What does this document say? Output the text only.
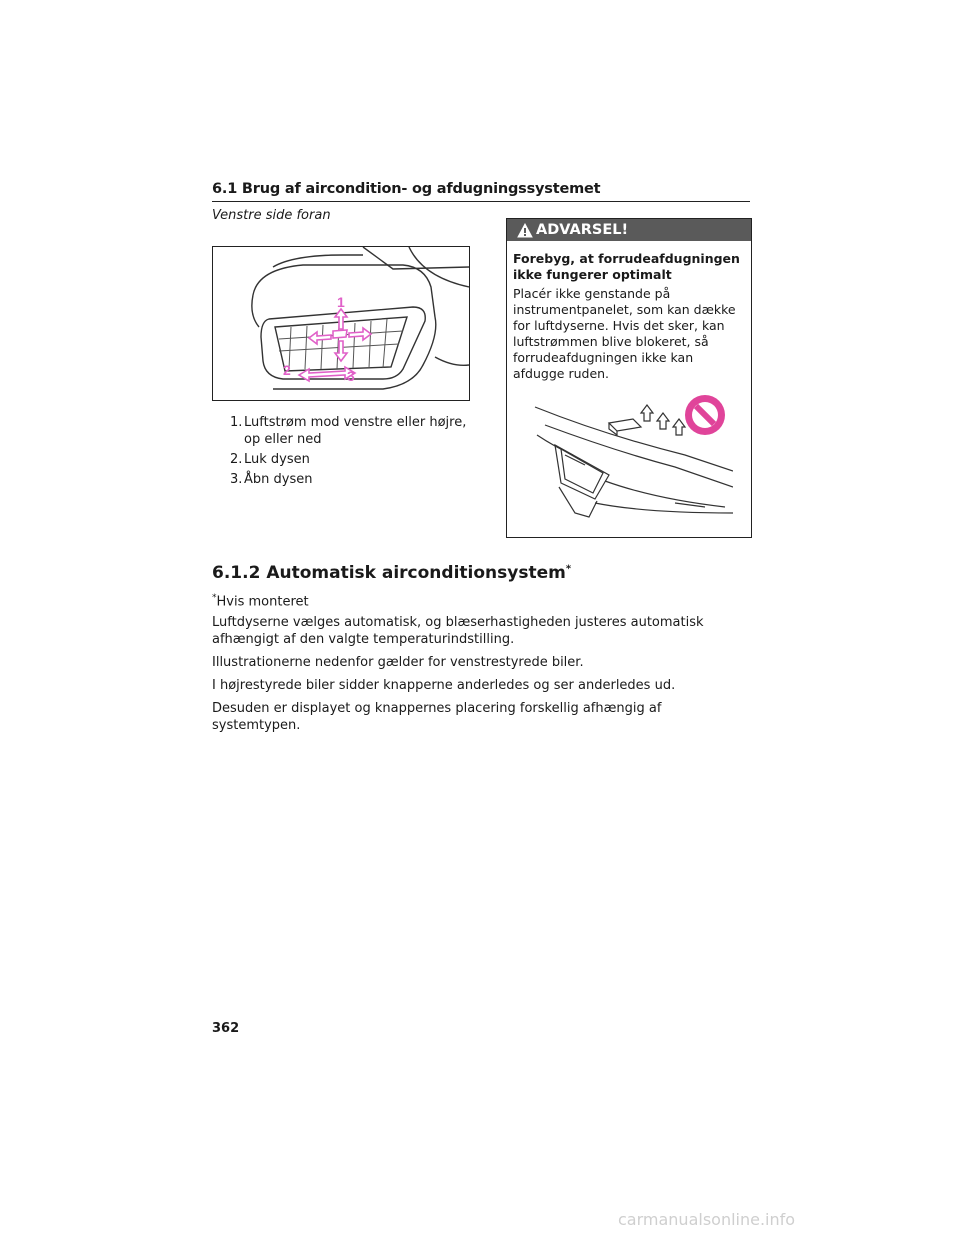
6.1 Brug af aircondition- og afdugningssystemet
Venstre side foran
1
2	3
1. Luftstrøm mod venstre eller højre, op eller ned
2. Luk dysen
3. Åbn dysen
ADVARSEL!
Forebyg, at forrudeafdugningen ikke fungerer optimalt
Placér ikke genstande på instrumentpanelet, som kan dække for luftdyserne. Hvis det sker, kan luftstrømmen blive blokeret, så forrudeafdugningen ikke kan afdugge ruden.
6.1.2 Automatisk airconditionsystem*
*Hvis monteret
Luftdyserne vælges automatisk, og blæserhastigheden justeres automatisk afhængigt af den valgte temperaturindstilling.
Illustrationerne nedenfor gælder for venstrestyrede biler.
I højrestyrede biler sidder knapperne anderledes og ser anderledes ud.
Desuden er displayet og knappernes placering forskellig afhængig af systemtypen.
362
carmanualsonline.info
